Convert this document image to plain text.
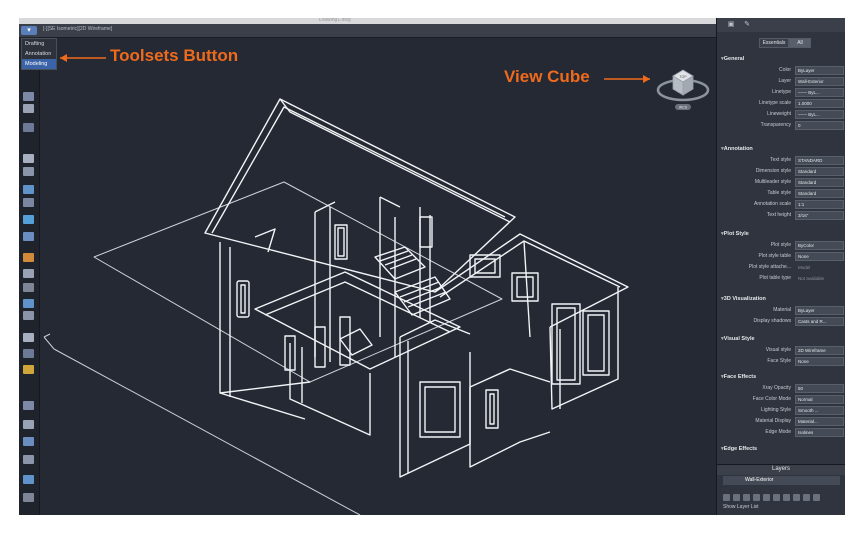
Drawing1.dwg
▾	[-][SE Isometric][2D Wireframe]
Drafting
Annotation
Modeling
TOP
WCS
▣ ✎
Essentials	All
▾ General
Color	ByLayer
Layer	Wall-Exterior
Linetype	—— ByL...
Linetype scale	1.0000
Lineweight	—— ByL...
Transparency	0
▾ Annotation
Text style	STANDARD
Dimension style	Standard
Multileader style	Standard
Table style	Standard
Annotation scale	1:1
Text height	3/16"
▾ Plot Style
Plot style	ByColor
Plot style table	None
Plot style attache...	Model
Plot table type	Not available
▾ 3D Visualization
Material	ByLayer
Display shadows	Casts and R...
▾ Visual Style
Visual style	2D Wireframe
Face Style	None
▾ Face Effects
Xray Opacity	50
Face Color Mode	Normal
Lighting Style	Smooth ...
Material Display	Material...
Edge Mode	Isolines
▾ Edge Effects
Layers
Wall-Exterior
Show Layer List
Toolsets Button
View Cube
